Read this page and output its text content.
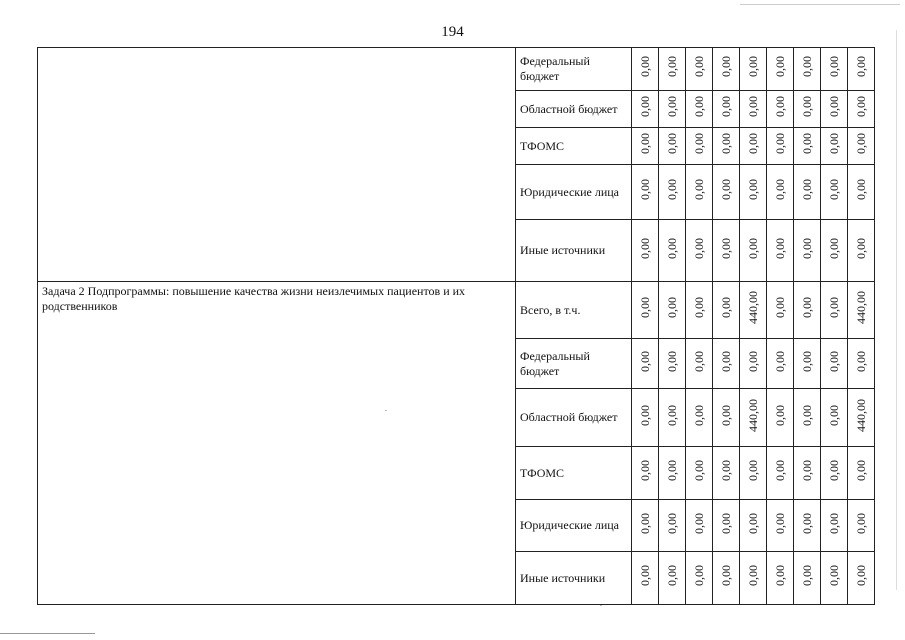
194
	Федеральный бюджет	0,00	0,00	0,00	0,00	0,00	0,00	0,00	0,00	0,00
	Областной бюджет	0,00	0,00	0,00	0,00	0,00	0,00	0,00	0,00	0,00
	ТФОМС	0,00	0,00	0,00	0,00	0,00	0,00	0,00	0,00	0,00
	Юридические лица	0,00	0,00	0,00	0,00	0,00	0,00	0,00	0,00	0,00
	Иные источники	0,00	0,00	0,00	0,00	0,00	0,00	0,00	0,00	0,00
Задача 2 Подпрограммы: повышение качества жизни неизлечимых пациентов и их родственников	Всего, в т.ч.	0,00	0,00	0,00	0,00	440,00	0,00	0,00	0,00	440,00
	Федеральный бюджет	0,00	0,00	0,00	0,00	0,00	0,00	0,00	0,00	0,00
	Областной бюджет	0,00	0,00	0,00	0,00	440,00	0,00	0,00	0,00	440,00
	ТФОМС	0,00	0,00	0,00	0,00	0,00	0,00	0,00	0,00	0,00
	Юридические лица	0,00	0,00	0,00	0,00	0,00	0,00	0,00	0,00	0,00
	Иные источники	0,00	0,00	0,00	0,00	0,00	0,00	0,00	0,00	0,00
